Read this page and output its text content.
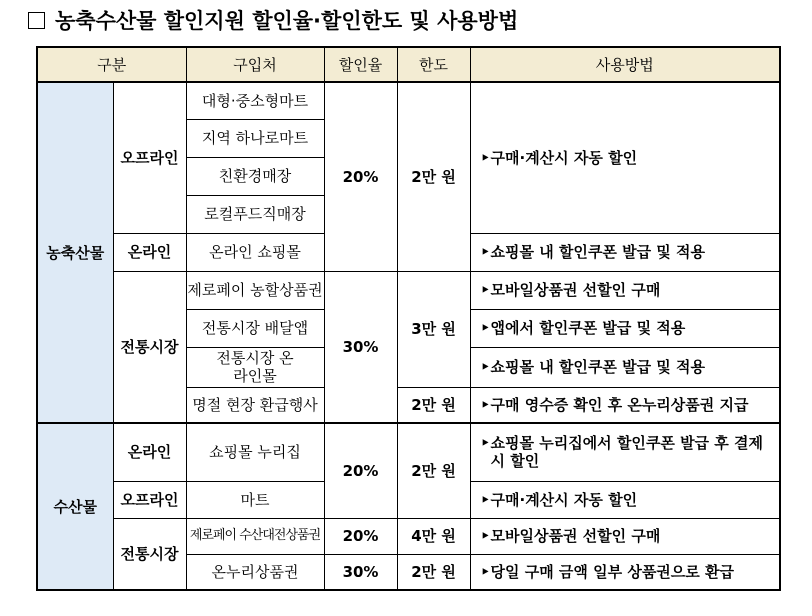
농축수산물 할인지원 할인율·할인한도 및 사용방법
구분		구입처	할인율	한도	사용방법
농축산물	오프라인	대형·중소형마트	20%	2만 원	‣구매·계산시 자동 할인
		지역 하나로마트			
		친환경매장			
		로컬푸드직매장			
	온라인	온라인 쇼핑몰			‣쇼핑몰 내 할인쿠폰 발급 및 적용
	전통시장	제로페이 농할상품권	30%	3만 원	‣모바일상품권 선할인 구매
		전통시장 배달앱			‣앱에서 할인쿠폰 발급 및 적용
		전통시장 온라인몰			‣쇼핑몰 내 할인쿠폰 발급 및 적용
		명절 현장 환급행사		2만 원	‣구매 영수증 확인 후 온누리상품권 지급
수산물	온라인	쇼핑몰 누리집	20%	2만 원	‣쇼핑몰 누리집에서 할인쿠폰 발급 후 결제 시 할인
	오프라인	마트			‣구매·계산시 자동 할인
	전통시장	제로페이 수산대전상품권	20%	4만 원	‣모바일상품권 선할인 구매
		온누리상품권	30%	2만 원	‣당일 구매 금액 일부 상품권으로 환급
